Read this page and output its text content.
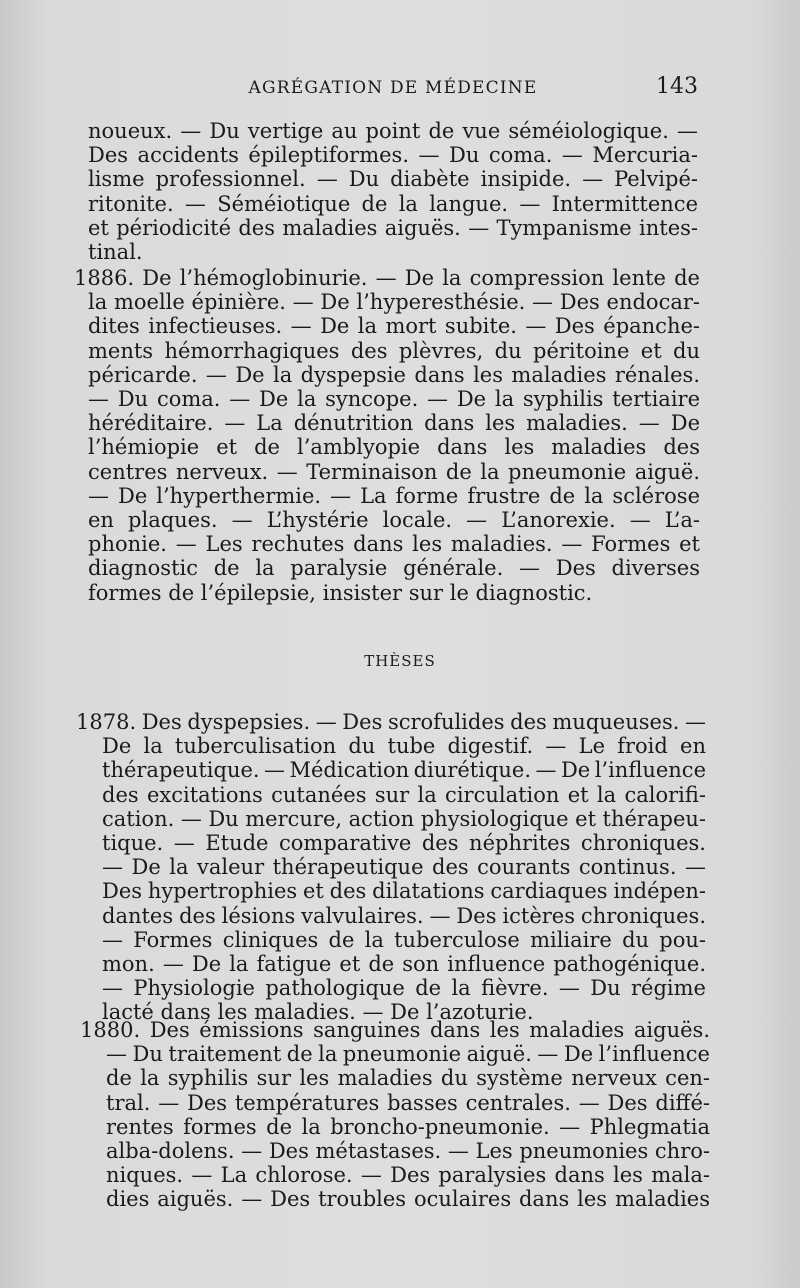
AGRÉGATION DE MÉDECINE	143
noueux. — Du vertige au point de vue séméiologique. —
Des accidents épileptiformes. — Du coma. — Mercuria-
lisme professionnel. — Du diabète insipide. — Pelvipé-
ritonite. — Séméiotique de la langue. — Intermittence
et périodicité des maladies aiguës. — Tympanisme intes-
tinal.
1886. De l’hémoglobinurie. — De la compression lente de
la moelle épinière. — De l’hyperesthésie. — Des endocar-
dites infectieuses. — De la mort subite. — Des épanche-
ments hémorrhagiques des plèvres, du péritoine et du
péricarde. — De la dyspepsie dans les maladies rénales.
— Du coma. — De la syncope. — De la syphilis tertiaire
héréditaire. — La dénutrition dans les maladies. — De
l’hémiopie et de l’amblyopie dans les maladies des
centres nerveux. — Terminaison de la pneumonie aiguë.
— De l’hyperthermie. — La forme frustre de la sclérose
en plaques. — L’hystérie locale. — L’anorexie. — L’a-
phonie. — Les rechutes dans les maladies. — Formes et
diagnostic de la paralysie générale. — Des diverses
formes de l’épilepsie, insister sur le diagnostic.
THÈSES
1878. Des dyspepsies. — Des scrofulides des muqueuses. —
De la tuberculisation du tube digestif. — Le froid en
thérapeutique. — Médication diurétique. — De l’influence
des excitations cutanées sur la circulation et la calorifi-
cation. — Du mercure, action physiologique et thérapeu-
tique. — Etude comparative des néphrites chroniques.
— De la valeur thérapeutique des courants continus. —
Des hypertrophies et des dilatations cardiaques indépen-
dantes des lésions valvulaires. — Des ictères chroniques.
— Formes cliniques de la tuberculose miliaire du pou-
mon. — De la fatigue et de son influence pathogénique.
— Physiologie pathologique de la fièvre. — Du régime
lacté dans les maladies. — De l’azoturie.
1880. Des émissions sanguines dans les maladies aiguës.
— Du traitement de la pneumonie aiguë. — De l’influence
de la syphilis sur les maladies du système nerveux cen-
tral. — Des températures basses centrales. — Des diffé-
rentes formes de la broncho-pneumonie. — Phlegmatia
alba-dolens. — Des métastases. — Les pneumonies chro-
niques. — La chlorose. — Des paralysies dans les mala-
dies aiguës. — Des troubles oculaires dans les maladies
